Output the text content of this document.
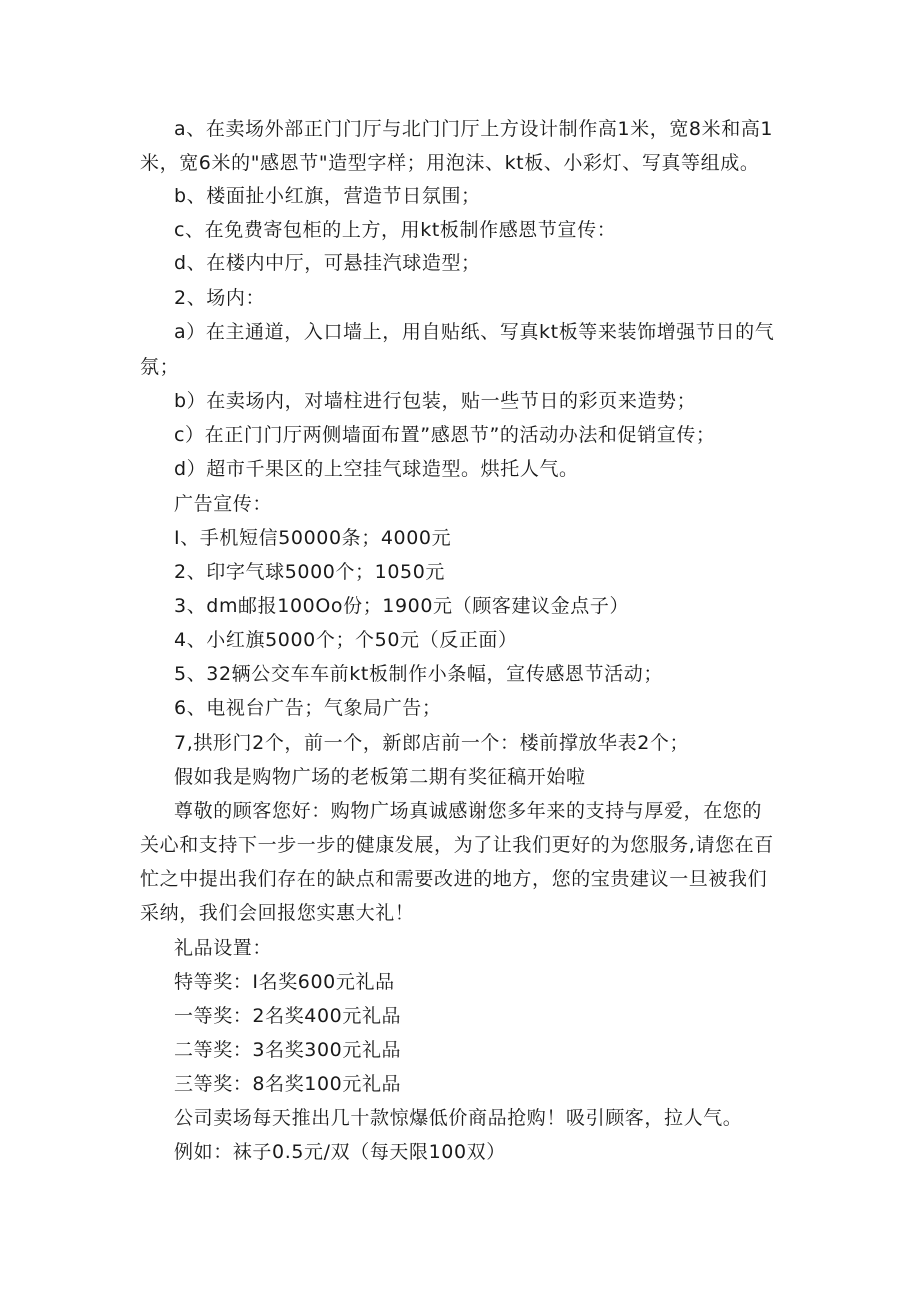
a、在卖场外部正门门厅与北门门厅上方设计制作高1米，宽8米和高1
米，宽6米的"感恩节"造型字样；用泡沫、kt板、小彩灯、写真等组成。
b、楼面扯小红旗，营造节日氛围；
c、在免费寄包柜的上方，用kt板制作感恩节宣传：
d、在楼内中厅，可悬挂汽球造型；
2、场内：
a）在主通道，入口墙上，用自贴纸、写真kt板等来装饰增强节日的气
氛；
b）在卖场内，对墙柱进行包装，贴一些节日的彩页来造势；
c）在正门门厅两侧墙面布置”感恩节”的活动办法和促销宣传；
d）超市千果区的上空挂气球造型。烘托人气。
广告宣传：
I、手机短信50000条；4000元
2、印字气球5000个；1050元
3、dm邮报100Oo份；1900元（顾客建议金点子）
4、小红旗5000个；个50元（反正面）
5、32辆公交车车前kt板制作小条幅，宣传感恩节活动；
6、电视台广告；气象局广告；
7,拱形门2个，前一个，新郎店前一个：楼前撑放华表2个；
假如我是购物广场的老板第二期有奖征稿开始啦
尊敬的顾客您好：购物广场真诚感谢您多年来的支持与厚爱，在您的
关心和支持下一步一步的健康发展，为了让我们更好的为您服务,请您在百
忙之中提出我们存在的缺点和需要改进的地方，您的宝贵建议一旦被我们
采纳，我们会回报您实惠大礼！
礼品设置：
特等奖：I名奖600元礼品
一等奖：2名奖400元礼品
二等奖：3名奖300元礼品
三等奖：8名奖100元礼品
公司卖场每天推出几十款惊爆低价商品抢购！吸引顾客，拉人气。
例如：袜子0.5元/双（每天限100双）
